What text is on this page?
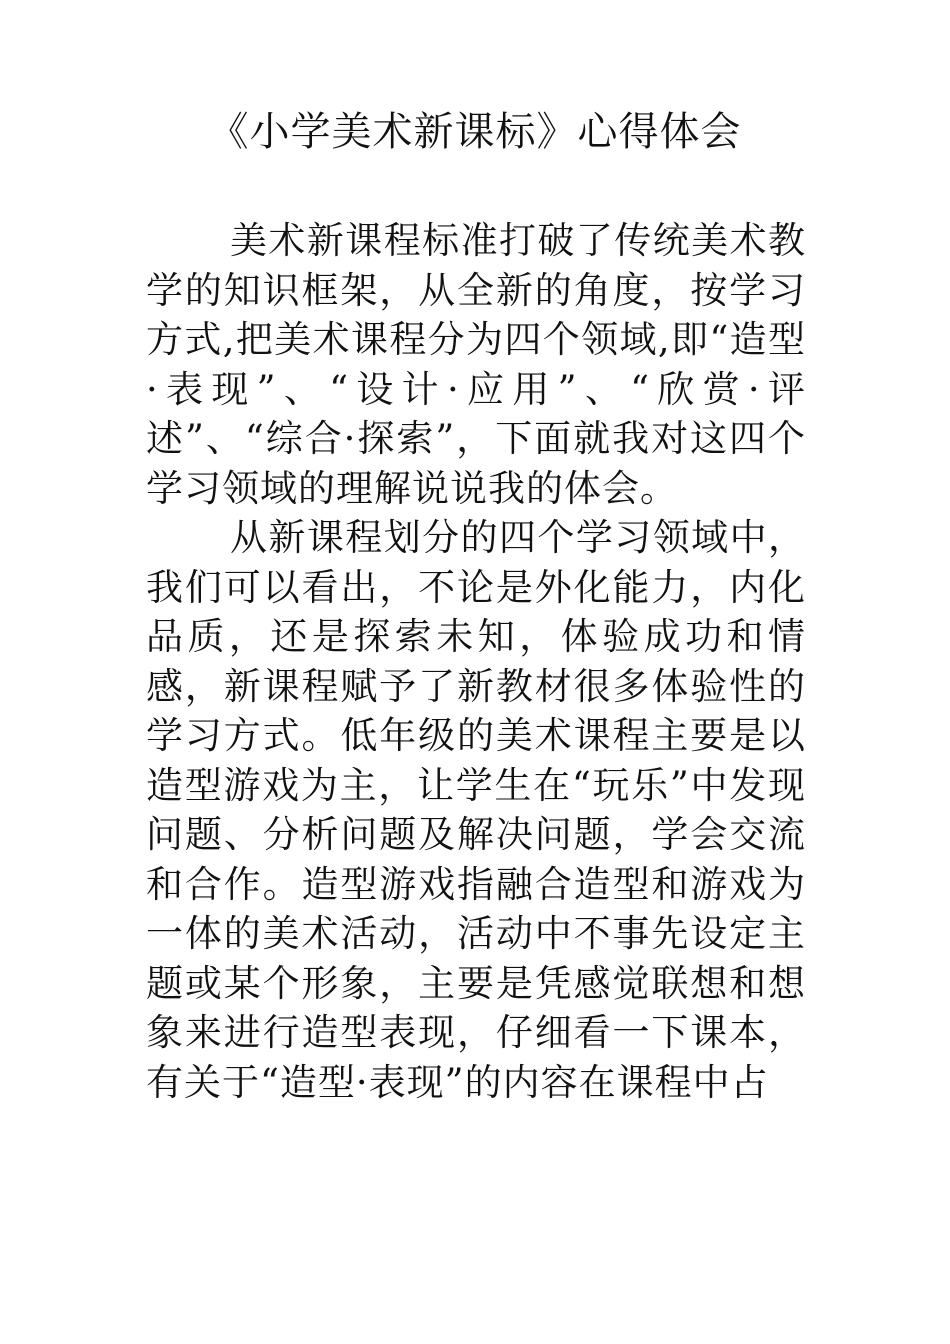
《小学美术新课标》心得体会

美术新课程标准打破了传统美术教学的知识框架，从全新的角度，按学习方式,把美术课程分为四个领域,即“造型·表现”、“设计·应用”、“欣赏·评述”、“综合·探索”，下面就我对这四个学习领域的理解说说我的体会。

从新课程划分的四个学习领域中，我们可以看出，不论是外化能力，内化品质，还是探索未知，体验成功和情感，新课程赋予了新教材很多体验性的学习方式。低年级的美术课程主要是以造型游戏为主，让学生在“玩乐”中发现问题、分析问题及解决问题，学会交流和合作。造型游戏指融合造型和游戏为一体的美术活动，活动中不事先设定主题或某个形象，主要是凭感觉联想和想象来进行造型表现，仔细看一下课本，有关于“造型·表现”的内容在课程中占
